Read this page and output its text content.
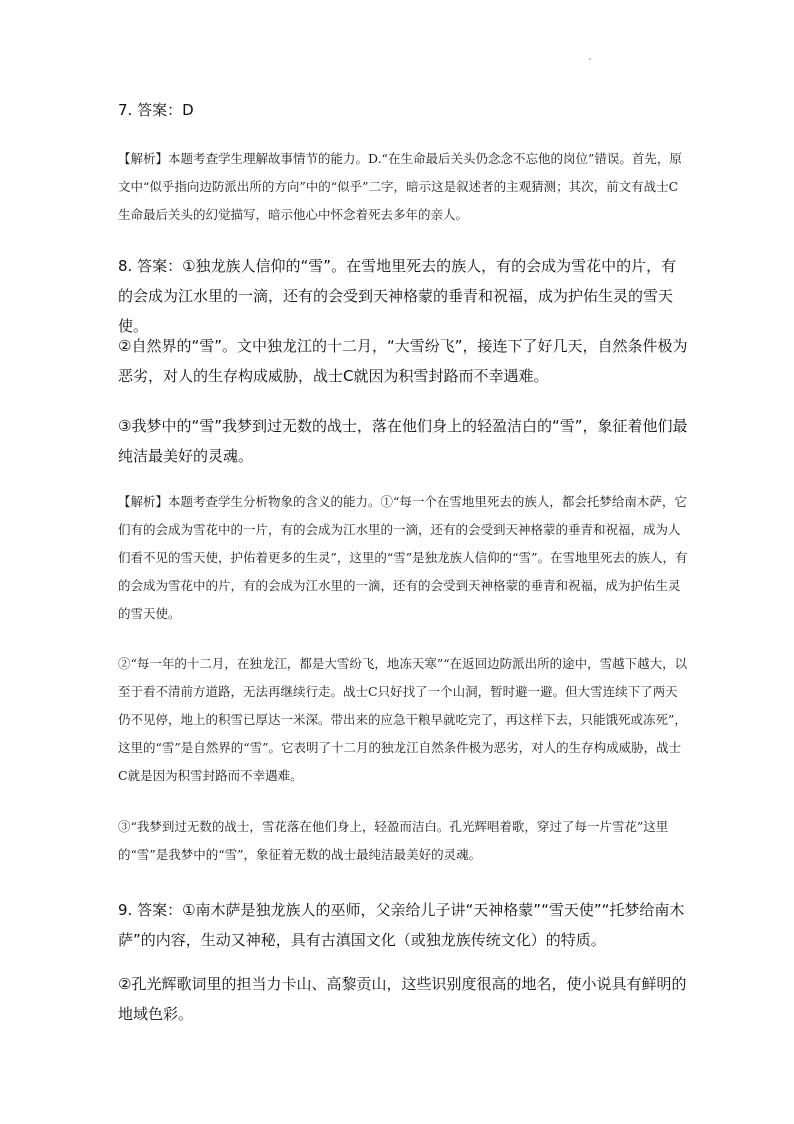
7. 答案：D

【解析】本题考查学生理解故事情节的能力。D.“在生命最后关头仍念念不忘他的岗位”错误。首先，原文中“似乎指向边防派出所的方向”中的“似乎”二字，暗示这是叙述者的主观猜测；其次，前文有战士C生命最后关头的幻觉描写，暗示他心中怀念着死去多年的亲人。

8. 答案：①独龙族人信仰的“雪”。在雪地里死去的族人，有的会成为雪花中的片，有的会成为江水里的一滴，还有的会受到天神格蒙的垂青和祝福，成为护佑生灵的雪天使。

②自然界的“雪”。文中独龙江的十二月，“大雪纷飞”，接连下了好几天，自然条件极为恶劣，对人的生存构成威胁，战士C就因为积雪封路而不幸遇难。

③我梦中的“雪”我梦到过无数的战士，落在他们身上的轻盈洁白的“雪”，象征着他们最纯洁最美好的灵魂。

【解析】本题考查学生分析物象的含义的能力。①“每一个在雪地里死去的族人，都会托梦给南木萨，它们有的会成为雪花中的一片，有的会成为江水里的一滴，还有的会受到天神格蒙的垂青和祝福，成为人们看不见的雪天使，护佑着更多的生灵”，这里的“雪”是独龙族人信仰的“雪”。在雪地里死去的族人，有的会成为雪花中的片，有的会成为江水里的一滴，还有的会受到天神格蒙的垂青和祝福，成为护佑生灵的雪天使。

②“每一年的十二月，在独龙江，都是大雪纷飞，地冻天寒”“在返回边防派出所的途中，雪越下越大，以至于看不清前方道路，无法再继续行走。战士C只好找了一个山洞，暂时避一避。但大雪连续下了两天仍不见停，地上的积雪已厚达一米深。带出来的应急干粮早就吃完了，再这样下去，只能饿死或冻死”，这里的“雪”是自然界的“雪”。它表明了十二月的独龙江自然条件极为恶劣，对人的生存构成威胁，战士C就是因为积雪封路而不幸遇难。

③“我梦到过无数的战士，雪花落在他们身上，轻盈而洁白。孔光辉唱着歌，穿过了每一片雪花”这里的“雪”是我梦中的“雪”，象征着无数的战士最纯洁最美好的灵魂。

9. 答案：①南木萨是独龙族人的巫师，父亲给儿子讲“天神格蒙”“雪天使”“托梦给南木萨”的内容，生动又神秘，具有古滇国文化（或独龙族传统文化）的特质。

②孔光辉歌词里的担当力卡山、高黎贡山，这些识别度很高的地名，使小说具有鲜明的地域色彩。
